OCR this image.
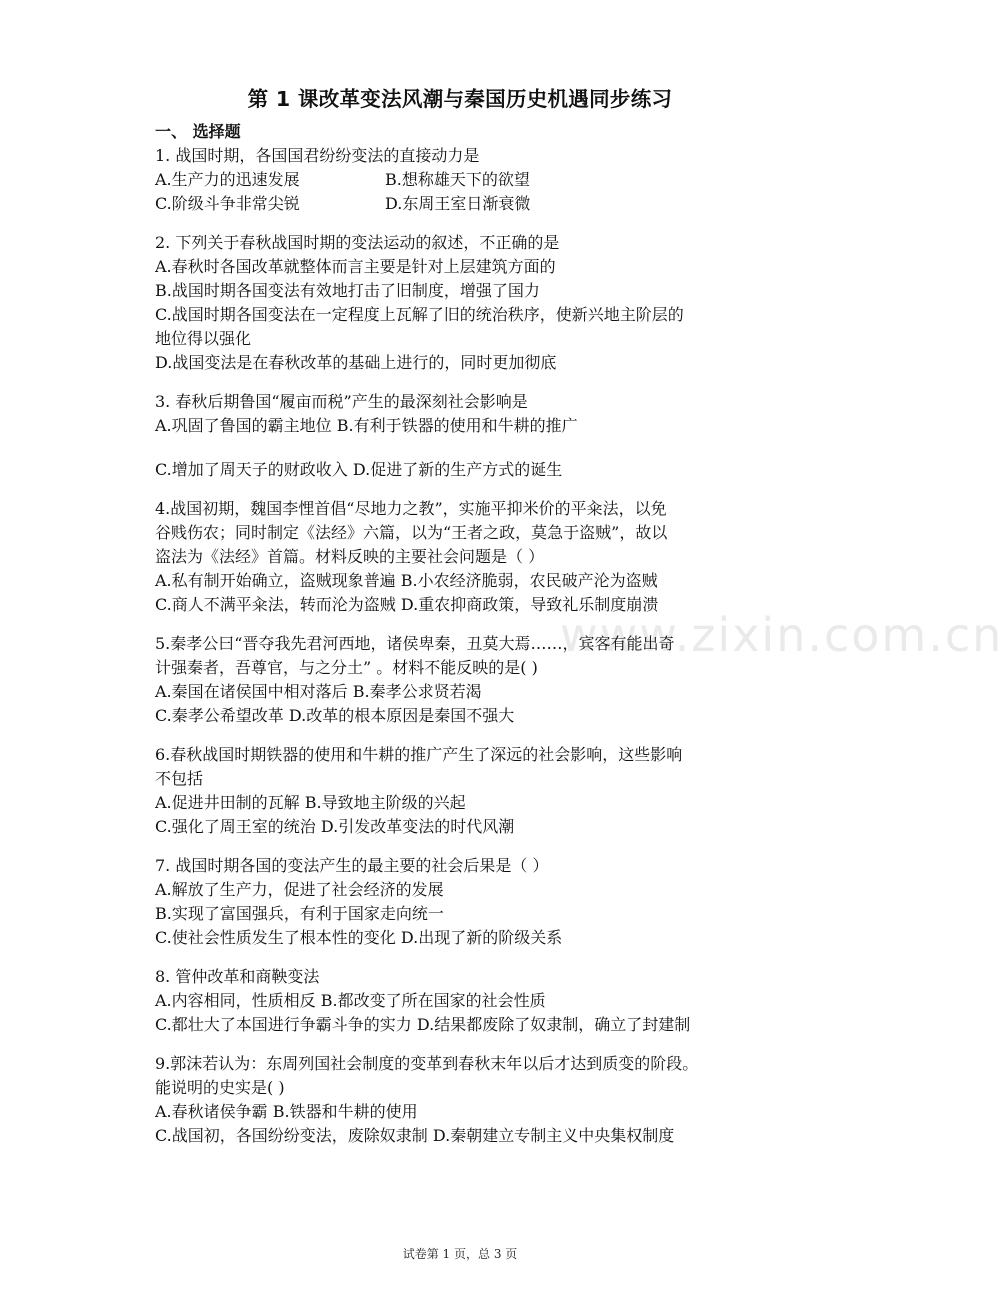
www.zixin.com.cn
第 1 课改革变法风潮与秦国历史机遇同步练习

一、 选择题

1. 战国时期，各国国君纷纷变法的直接动力是

A.生产力的迅速发展	B.想称雄天下的欲望
C.阶级斗争非常尖锐	D.东周王室日渐衰微

2. 下列关于春秋战国时期的变法运动的叙述，不正确的是

A.春秋时各国改革就整体而言主要是针对上层建筑方面的

B.战国时期各国变法有效地打击了旧制度，增强了国力

C.战国时期各国变法在一定程度上瓦解了旧的统治秩序，使新兴地主阶层的

地位得以强化

D.战国变法是在春秋改革的基础上进行的，同时更加彻底

3. 春秋后期鲁国“履亩而税”产生的最深刻社会影响是

A.巩固了鲁国的霸主地位 B.有利于铁器的使用和牛耕的推广

C.增加了周天子的财政收入 D.促进了新的生产方式的诞生

4.战国初期，魏国李悝首倡“尽地力之教”，实施平抑米价的平籴法，以免

谷贱伤农；同时制定《法经》六篇，以为“王者之政，莫急于盗贼”，故以

盗法为《法经》首篇。材料反映的主要社会问题是（ ）

A.私有制开始确立，盗贼现象普遍 B.小农经济脆弱，农民破产沦为盗贼

C.商人不满平籴法，转而沦为盗贼 D.重农抑商政策，导致礼乐制度崩溃

5.秦孝公曰“晋夺我先君河西地，诸侯卑秦，丑莫大焉……，宾客有能出奇

计强秦者，吾尊官，与之分土” 。材料不能反映的是( )

A.秦国在诸侯国中相对落后 B.秦孝公求贤若渴

C.秦孝公希望改革 D.改革的根本原因是秦国不强大

6.春秋战国时期铁器的使用和牛耕的推广产生了深远的社会影响，这些影响

不包括

A.促进井田制的瓦解 B.导致地主阶级的兴起

C.强化了周王室的统治 D.引发改革变法的时代风潮

7. 战国时期各国的变法产生的最主要的社会后果是（ ）

A.解放了生产力，促进了社会经济的发展

B.实现了富国强兵，有利于国家走向统一

C.使社会性质发生了根本性的变化 D.出现了新的阶级关系

8. 管仲改革和商鞅变法

A.内容相同，性质相反 B.都改变了所在国家的社会性质

C.都壮大了本国进行争霸斗争的实力 D.结果都废除了奴隶制，确立了封建制

9.郭沫若认为：东周列国社会制度的变革到春秋末年以后才达到质变的阶段。

能说明的史实是( )

A.春秋诸侯争霸 B.铁器和牛耕的使用

C.战国初，各国纷纷变法，废除奴隶制 D.秦朝建立专制主义中央集权制度

试卷第 1 页，总 3 页
